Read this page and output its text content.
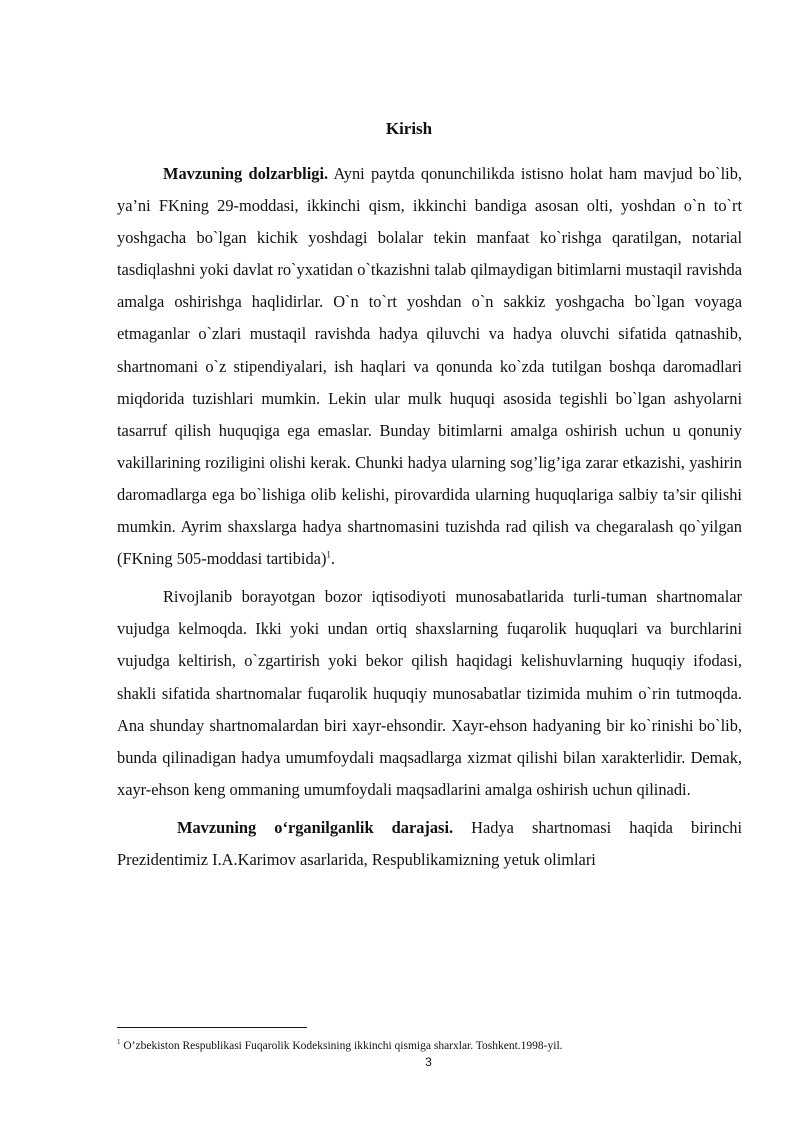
Kirish

Mavzuning dolzarbligi. Ayni paytda qonunchilikda istisno holat ham mavjud bo`lib, ya’ni FKning 29-moddasi, ikkinchi qism, ikkinchi bandiga asosan olti, yoshdan o`n to`rt yoshgacha bo`lgan kichik yoshdagi bolalar tekin manfaat ko`rishga qaratilgan, notarial tasdiqlashni yoki davlat ro`yxatidan o`tkazishni talab qilmaydigan bitimlarni mustaqil ravishda amalga oshirishga haqlidirlar. O`n to`rt yoshdan o`n sakkiz yoshgacha bo`lgan voyaga etmaganlar o`zlari mustaqil ravishda hadya qiluvchi va hadya oluvchi sifatida qatnashib, shartnomani o`z stipendiyalari, ish haqlari va qonunda ko`zda tutilgan boshqa daromadlari miqdorida tuzishlari mumkin. Lekin ular mulk huquqi asosida tegishli bo`lgan ashyolarni tasarruf qilish huquqiga ega emaslar. Bunday bitimlarni amalga oshirish uchun u qonuniy vakillarining roziligini olishi kerak. Chunki hadya ularning sog’lig’iga zarar etkazishi, yashirin daromadlarga ega bo`lishiga olib kelishi, pirovardida ularning huquqlariga salbiy ta’sir qilishi mumkin. Ayrim shaxslarga hadya shartnomasini tuzishda rad qilish va chegaralash qo`yilgan (FKning 505-moddasi tartibida)$^1$.

Rivojlanib borayotgan bozor iqtisodiyoti munosabatlarida turli-tuman shartnomalar vujudga kelmoqda. Ikki yoki undan ortiq shaxslarning fuqarolik huquqlari va burchlarini vujudga keltirish, o`zgartirish yoki bekor qilish haqidagi kelishuvlarning huquqiy ifodasi, shakli sifatida shartnomalar fuqarolik huquqiy munosabatlar tizimida muhim o`rin tutmoqda. Ana shunday shartnomalardan biri xayr-ehsondir. Xayr-ehson hadyaning bir ko`rinishi bo`lib, bunda qilinadigan hadya umumfoydali maqsadlarga xizmat qilishi bilan xarakterlidir. Demak, xayr-ehson keng ommaning umumfoydali maqsadlarini amalga oshirish uchun qilinadi.

Mavzuning o‘rganilganlik darajasi. Hadya shartnomasi haqida birinchi Prezidentimiz I.A.Karimov asarlarida, Respublikamizning yetuk olimlari

$^1$ O’zbekiston Respublikasi Fuqarolik Kodeksining ikkinchi qismiga sharxlar. Toshkent.1998-yil.

3
